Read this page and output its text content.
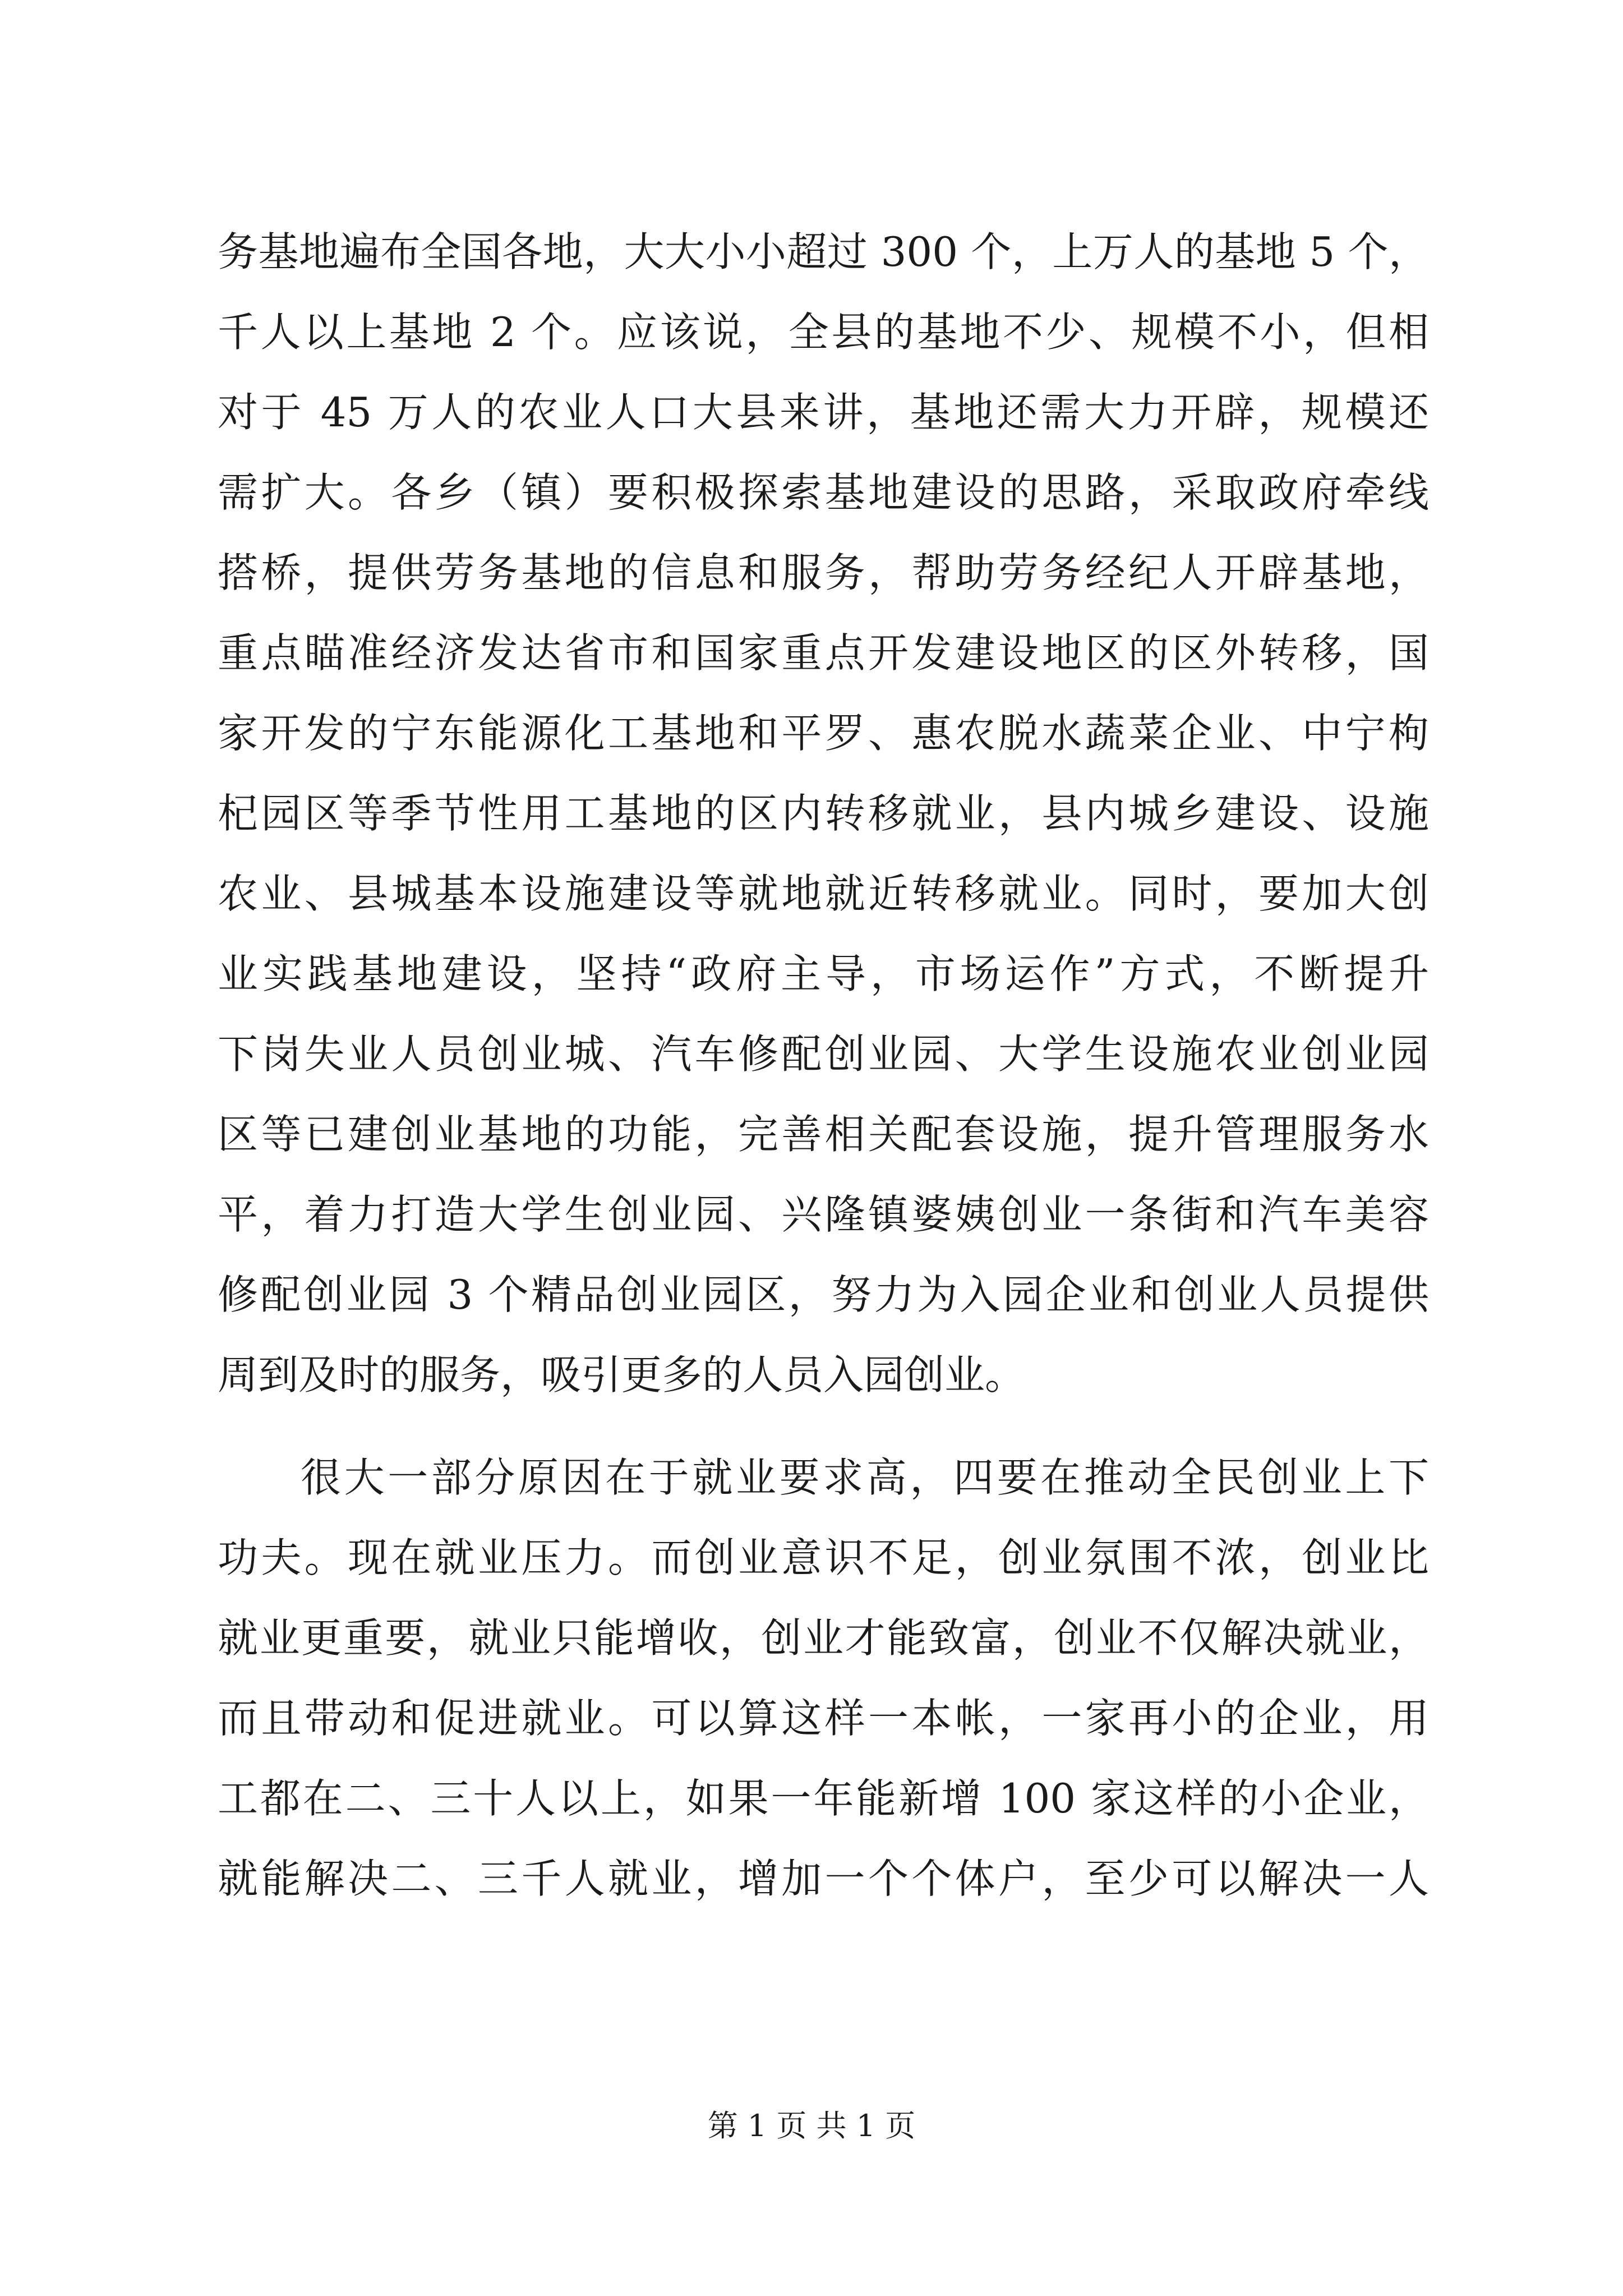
务基地遍布全国各地，大大小小超过 300 个，上万人的基地 5 个，
千人以上基地 2 个。应该说，全县的基地不少、规模不小，但相
对于 45 万人的农业人口大县来讲，基地还需大力开辟，规模还
需扩大。各乡（镇）要积极探索基地建设的思路，采取政府牵线
搭桥，提供劳务基地的信息和服务，帮助劳务经纪人开辟基地，
重点瞄准经济发达省市和国家重点开发建设地区的区外转移，国
家开发的宁东能源化工基地和平罗、惠农脱水蔬菜企业、中宁枸
杞园区等季节性用工基地的区内转移就业，县内城乡建设、设施
农业、县城基本设施建设等就地就近转移就业。同时，要加大创
业实践基地建设，坚持“政府主导，市场运作”方式，不断提升
下岗失业人员创业城、汽车修配创业园、大学生设施农业创业园
区等已建创业基地的功能，完善相关配套设施，提升管理服务水
平，着力打造大学生创业园、兴隆镇婆姨创业一条街和汽车美容
修配创业园 3 个精品创业园区，努力为入园企业和创业人员提供
周到及时的服务，吸引更多的人员入园创业。
很大一部分原因在于就业要求高，四要在推动全民创业上下
功夫。现在就业压力。而创业意识不足，创业氛围不浓，创业比
就业更重要，就业只能增收，创业才能致富，创业不仅解决就业，
而且带动和促进就业。可以算这样一本帐，一家再小的企业，用
工都在二、三十人以上，如果一年能新增 100 家这样的小企业，
就能解决二、三千人就业，增加一个个体户，至少可以解决一人
第 1 页 共 1 页
